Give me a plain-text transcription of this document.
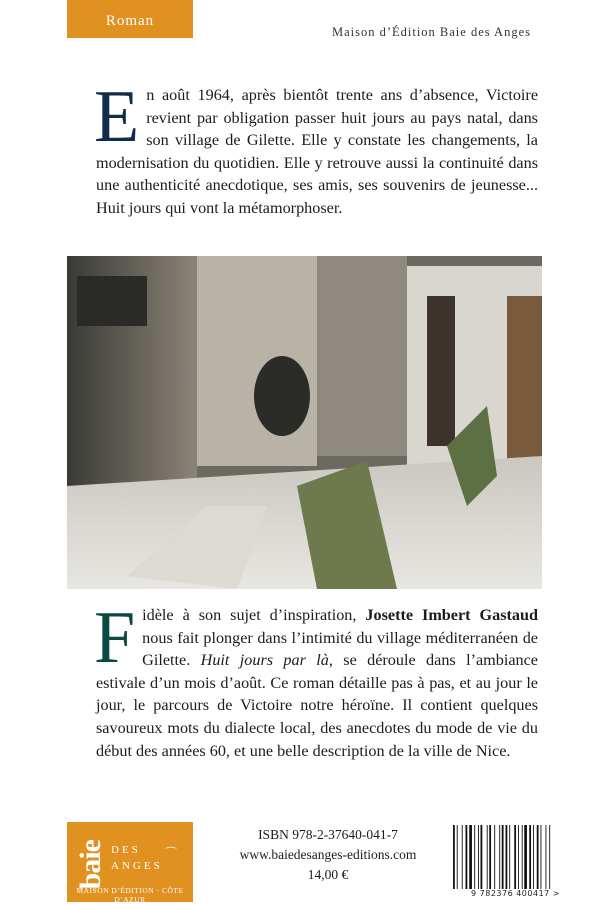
Roman
Maison d’Édition Baie des Anges

En août 1964, après bientôt trente ans d’absence, Victoire revient par obligation passer huit jours au pays natal, dans son village de Gilette. Elle y constate les changements, la modernisation du quotidien. Elle y retrouve aussi la continuité dans une authenticité anecdotique, ses amis, ses souvenirs de jeunesse... Huit jours qui vont la métamorphoser.

Fidèle à son sujet d’inspiration, Josette Imbert Gastaud nous fait plonger dans l’intimité du village méditerranéen de Gilette. Huit jours par là, se déroule dans l’ambiance estivale d’un mois d’août. Ce roman détaille pas à pas, et au jour le jour, le parcours de Victoire notre héroïne. Il contient quelques savoureux mots du dialecte local, des anecdotes du mode de vie du début des années 60, et une belle description de la ville de Nice.

baie DES
ANGES
⌒
MAISON D’ÉDITION · CÔTE D’AZUR
ISBN 978-2-37640-041-7
www.baiedesanges-editions.com
14,00 €
9 782376 400417 >
